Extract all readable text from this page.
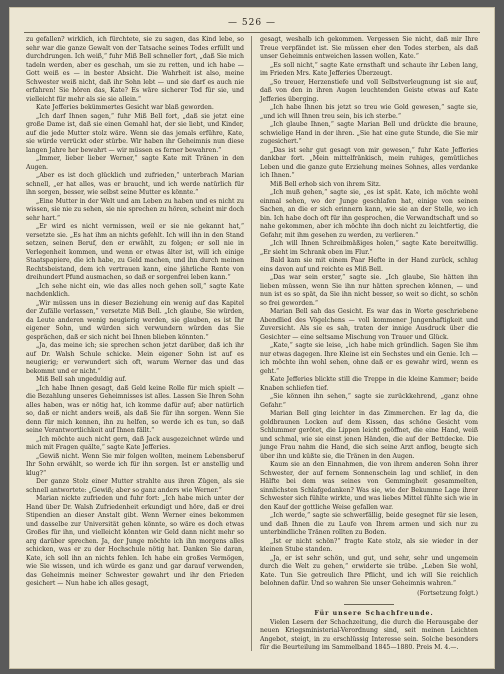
— 526 —

zu gefallen? wirklich, ich fürchtete, sie zu sagen, das Kind lebe, so sehr war die ganze Gewalt von der Tatsache seines Todes erfüllt und durchdrungen. Ich weiß,“ fuhr Miß Bell schneller fort, „daß Sie mich tadeln werden, aber es geschah, um sie zu retten, und ich habe — Gott weiß es — in bester Absicht. Die Wahrheit ist also, meine Schwester weiß nicht, daß ihr Sohn lebt — und sie darf es auch nie erfahren! Sie hören das, Kate? Es wäre sicherer Tod für sie, und vielleicht für mehr als sie sie allein.“

Kate Jefferies bekümmertes Gesicht war blaß geworden.

„Ich darf Ihnen sagen,“ fuhr Miß Bell fort, „daß sie jetzt eine große Dame ist, daß sie einen Gemahl hat, der sie liebt, und Kinder, auf die jede Mutter stolz wäre. Wenn sie das jemals erführe, Kate, sie würde verrückt oder stürbe. Wir haben ihr Geheimnis nun diese langen Jahre her bewahrt — wir müssen es ferner bewahren.“

„Immer, lieber lieber Werner,“ sagte Kate mit Tränen in den Augen.

„Aber es ist doch glücklich und zufrieden,“ unterbrach Marian schnell, „er hat alles, was er braucht, und ich werde natürlich für ihn sorgen, besser, wie selbst seine Mutter es könnte.“

„Eine Mutter in der Welt und am Leben zu haben und es nicht zu wissen, sie nie zu sehen, sie nie sprechen zu hören, scheint mir doch sehr hart.“

„Er wird es nicht vermissen, weil er sie nie gekannt hat,“ versetzte sie. „Es hat ihm an nichts gefehlt. Ich will ihn in den Stand setzen, seinen Beruf, den er erwählt, zu folgen; er soll nie in Verlegenheit kommen, und wenn er etwas älter ist, will ich einige Staatspapiere, die ich habe, zu Geld machen, und ihn durch meinen Rechtsbeistand, dem ich vertrauen kann, eine jährliche Rente von dreihundert Pfund ausmachen, so daß er sorgenfrei leben kann.“

„Ich sehe nicht ein, wie das alles noch gehen soll,“ sagte Kate nachdenklich.

„Wir müssen uns in dieser Beziehung ein wenig auf das Kapitel der Zufälle verlassen,“ versetzte Miß Bell. „Ich glaube, Sie würden, da Leute anderen wenig neugierig werden, sie glauben, es ist Ihr eigener Sohn, und würden sich verwundern würden das Sie gesprächen, daß er sich nicht bei Ihnen blieben könnten.“

„Ja, das meine ich; sie sprechen schon jetzt darüber, daß ich ihr auf Dr. Walsh Schule schicke. Mein eigener Sohn ist auf es neugierig; er verwundert sich oft, warum Werner das und das bekommt und er nicht.“

Miß Bell sah ungeduldig auf.

„Ich habe Ihnen gesagt, daß Geld keine Rolle für mich spielt — die Bezahlung unseres Geheimnisses ist alles. Lassen Sie Ihren Sohn alles haben, was er nötig hat, ich komme dafür auf; aber natürlich so, daß er nicht anders weiß, als daß Sie für ihn sorgen. Wenn Sie denn für mich kennen, ihn zu helfen, so werde ich es tun, so daß seine Verantwortlichkeit auf Ihnen fällt.“

„Ich möchte auch nicht gern, daß Jack ausgezeichnet würde und mich mit Fragen quälte,“ sagte Kate Jefferies.

„Gewiß nicht. Wenn Sie mir folgen wollten, meinem Lebensberuf Ihr Sohn erwählt, so werde ich für ihn sorgen. Ist er anstellig und klug?“

Der ganze Stolz einer Mutter strahlte aus ihren Zügen, als sie schnell antwortete: „Gewiß; aber so ganz anders wie Werner.“

Marian nickte zufrieden und fuhr fort: „Ich habe mich unter der Hand über Dr. Walsh Zufriedenheit erkundigt und höre, daß er drei Stipendien an dieser Anstalt gibt. Wenn Werner eines bekommen und dasselbe zur Universität gehen könnte, so wäre es doch etwas Großes für ihn, und vielleicht könnten wir Geld dann nicht mehr so arg darüber sprechen. Ja, der Junge möchte ich ihn morgens alles schicken, was er zu der Hochschule nötig hat. Danken Sie daran, Kate, ich soll ihn an nichts fehlen. Ich habe ein großes Vermögen, wie Sie wissen, und ich würde es ganz und gar darauf verwenden, das Geheimnis meiner Schwester gewahrt und ihr den Frieden gesichert — Nun habe ich alles gesagt,

gesagt, weshalb ich gekommen. Vergessen Sie nicht, daß mir Ihre Treue verpfändet ist. Sie müssen eher den Todes sterben, als daß unser Geheimnis entweichen lassen wollen, Kate.“

„Es soll nicht,“ sagte Kate ernsthaft und schaute ihr Leben lang, im Frieden Mrs. Kate Jefferies Überzeugt.

„So treuer, Herzenstiefe und voll Selbstverleugnung ist sie auf, daß von den in ihren Augen leuchtenden Geiste etwas auf Kate Jefferies überging.

„Ich habe Ihnen bis jetzt so treu wie Gold gewesen,“ sagte sie, „und ich will Ihnen treu sein, bis ich sterbe.“

„Ich glaube Ihnen,“ sagte Marian Bell und drückte die braune, schwielige Hand in der ihren. „Sie hat eine gute Stunde, die Sie mir zugesichert.“

„Das ist sehr gut gesagt von mir gewesen,“ fuhr Kate Jefferies dankbar fort. „Mein mittelfränkisch, mein ruhiges, gemütliches Leben und die ganze gute Erziehung meines Sohnes, alles verdanke ich Ihnen.“

Miß Bell erhob sich von ihrem Sitz.

„Ich muß gehen,“ sagte sie, „es ist spät. Kate, ich möchte wohl einmal sehen, wo der Junge geschlafen hat, einige von seinen Sachen, an die er sich erinnern kann, wie sie an der Stelle, wo ich bin. Ich habe doch oft für ihn gesprochen, die Verwandtschaft und so nahe gekommen, aber ich möchte ihn doch nicht zu leichtfertig, die Gefahr, mit ihm gesehen zu werden, zu verlieren.“

„Ich will Ihnen Schreibmäßiges holen,“ sagte Kate bereitwillig. „Er sieht im Schrank oben im Flur.“

Bald kam sie mit einem Paar Hefte in der Hand zurück, schlug eins davon auf und reichte es Miß Bell.

„Das war sein erster,“ sagte sie. „Ich glaube, Sie hätten ihn lieben müssen, wenn Sie ihn nur hätten sprechen können, — und nun ist es so spät, da Sie ihn nicht besser, so weit so dicht, so schön so frei geworden.“

Marian Bell sah das Gesicht. Es war das in Worte geschriebene Abendlied des Vögelchens — voll kommener Jungenhaftigkeit und Zuversicht. Als sie es sah, traten der innige Ausdruck über die Gesichter — eine seltsame Mischung von Trauer und Glück.

„Kate,“ sagte sie leise, „ich habe mich gründlich. Sagen Sie ihm nur etwas dagegen. Ihre Kleine ist ein Sechstes und ein Genie. Ich — ich möchte ihn wohl sehen, ohne daß er es gewahr wird, wenn es geht.“

Kate Jefferies blickte still die Treppe in die kleine Kammer; beide Knaben schliefen tief.

„Sie können ihn sehen,“ sagte sie zurückkehrend, „ganz ohne Gefahr.“

Marian Bell ging leichter in das Zimmerchen. Er lag da, die goldbraunen Locken auf dem Kissen, das schöne Gesicht vom Schlummer gerötet, die Lippen leicht geöffnet, die eine Hand, weiß und schmal, wie sie einst jenen Händen, die auf der Bettdecke. Die junge Frau nahm die Hand, die sich seine Arzt anflog, beugte sich über ihn und küßte sie, die Tränen in den Augen.

Kaum sie an den Einnahmen, die von ihrem anderen Sohn ihrer Schwester, der auf fernem Sonnenschein lag und schlief, in den Hälfte bei dem was seines von Gemmingheit gesammelten, sinnlichsten Schlafgedanken? Was sie, wie der Bekumme Lage ihrer Schwester sich fühlte wirkte, und was liebes Mittel fühlte sich wie in den Kauf der gottliche Weise gefallen war.

„Ich werde,“ sagte sie schwerfällig, beide gesegnet für sie lesen, und daß Ihnen die zu Laufe von Ihrem armen und sich nur zu unterbindliche Tränen rollten zu Boden.

„Ist er nicht schön?“ fragte Kate stolz, als sie wieder in der kleinen Stube standen.

„Ja, er ist sehr schön, und gut, und sehr, sehr und ungemein durch die Welt zu gehen,“ erwiderte sie trübe. „Leben Sie wohl, Kate. Tun Sie getreulich Ihre Pflicht, und ich will Sie reichlich belohnen dafür. Und so wahren Sie unser Geheimnis wahren.“

(Fortsetzung folgt.)

Für unsere Schachfreunde.

Vielen Lesern der Schachzeitung, die durch die Herausgabe der neuen Kriegsministerial-Verordnung sind, seit meinen Leichten Angebot, steigt, in zu erschlüssig Interesse sein. Solche besonders für die Beurteilung im Sammelband 1845—1880. Preis M. 4.—.
